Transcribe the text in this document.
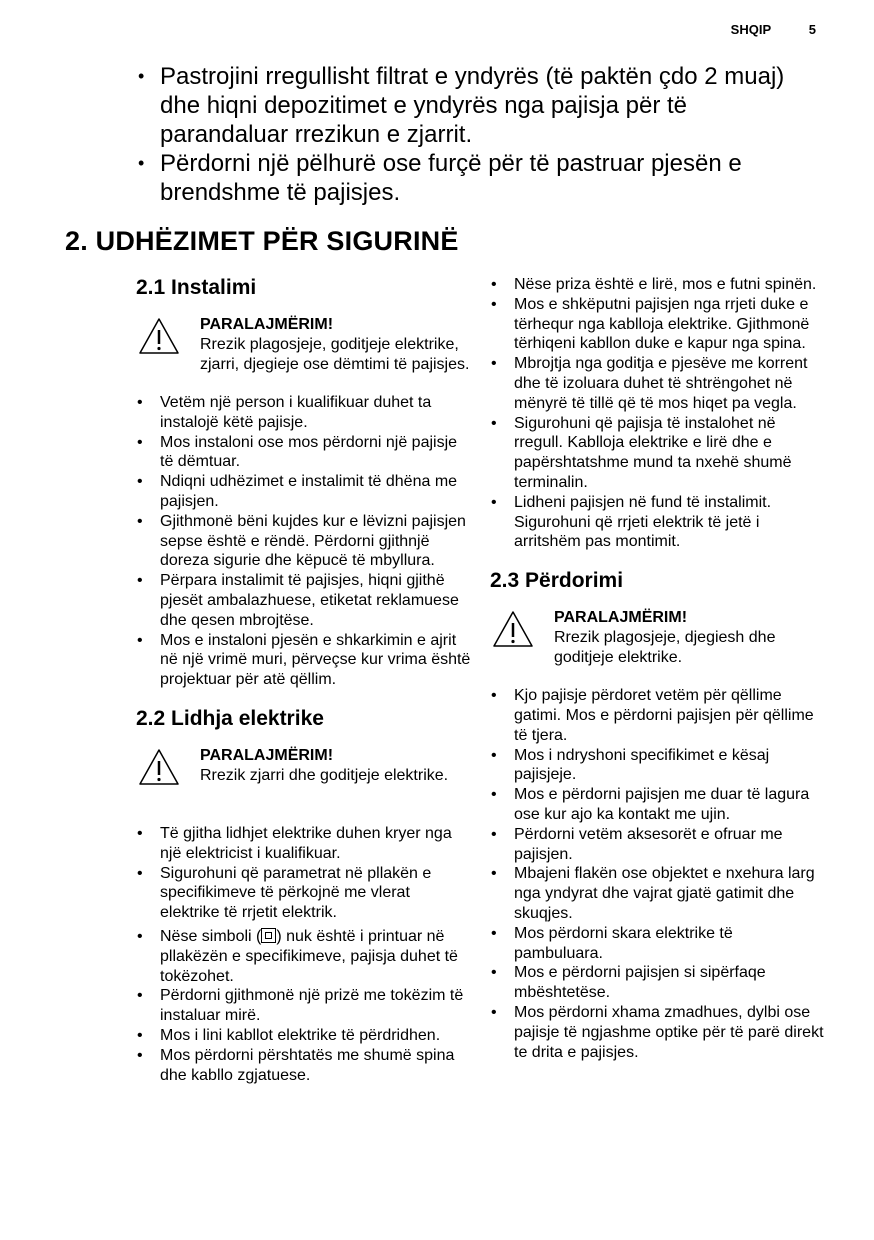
SHQIP	5
• Pastrojini rregullisht filtrat e yndyrës (të paktën çdo 2 muaj) dhe hiqni depozitimet e yndyrës nga pajisja për të parandaluar rrezikun e zjarrit.
• Përdorni një pëlhurë ose furçë për të pastruar pjesën e brendshme të pajisjes.
2. UDHËZIMET PËR SIGURINË
2.1 Instalimi
PARALAJMËRIM!
Rrezik plagosjeje, goditjeje elektrike, zjarri, djegieje ose dëmtimi të pajisjes.
• Vetëm një person i kualifikuar duhet ta instalojë këtë pajisje.
• Mos instaloni ose mos përdorni një pajisje të dëmtuar.
• Ndiqni udhëzimet e instalimit të dhëna me pajisjen.
• Gjithmonë bëni kujdes kur e lëvizni pajisjen sepse është e rëndë. Përdorni gjithnjë doreza sigurie dhe këpucë të mbyllura.
• Përpara instalimit të pajisjes, hiqni gjithë pjesët ambalazhuese, etiketat reklamuese dhe qesen mbrojtëse.
• Mos e instaloni pjesën e shkarkimin e ajrit në një vrimë muri, përveçse kur vrima është projektuar për atë qëllim.
2.2 Lidhja elektrike
PARALAJMËRIM!
Rrezik zjarri dhe goditjeje elektrike.
• Të gjitha lidhjet elektrike duhen kryer nga një elektricist i kualifikuar.
• Sigurohuni që parametrat në pllakën e specifikimeve të përkojnë me vlerat elektrike të rrjetit elektrik.
• Nëse simboli ( ) nuk është i printuar në pllakëzën e specifikimeve, pajisja duhet të tokëzohet.
• Përdorni gjithmonë një prizë me tokëzim të instaluar mirë.
• Mos i lini kabllot elektrike të përdridhen.
• Mos përdorni përshtatës me shumë spina dhe kabllo zgjatuese.
• Nëse priza është e lirë, mos e futni spinën.
• Mos e shkëputni pajisjen nga rrjeti duke e tërhequr nga kablloja elektrike. Gjithmonë tërhiqeni kabllon duke e kapur nga spina.
• Mbrojtja nga goditja e pjesëve me korrent dhe të izoluara duhet të shtrëngohet në mënyrë të tillë që të mos hiqet pa vegla.
• Sigurohuni që pajisja të instalohet në rregull. Kablloja elektrike e lirë dhe e papërshtatshme mund ta nxehë shumë terminalin.
• Lidheni pajisjen në fund të instalimit. Sigurohuni që rrjeti elektrik të jetë i arritshëm pas montimit.
2.3 Përdorimi
PARALAJMËRIM!
Rrezik plagosjeje, djegiesh dhe goditjeje elektrike.
• Kjo pajisje përdoret vetëm për qëllime gatimi. Mos e përdorni pajisjen për qëllime të tjera.
• Mos i ndryshoni specifikimet e kësaj pajisjeje.
• Mos e përdorni pajisjen me duar të lagura ose kur ajo ka kontakt me ujin.
• Përdorni vetëm aksesorët e ofruar me pajisjen.
• Mbajeni flakën ose objektet e nxehura larg nga yndyrat dhe vajrat gjatë gatimit dhe skuqjes.
• Mos përdorni skara elektrike të pambuluara.
• Mos e përdorni pajisjen si sipërfaqe mbështetëse.
• Mos përdorni xhama zmadhues, dylbi ose pajisje të ngjashme optike për të parë direkt te drita e pajisjes.
